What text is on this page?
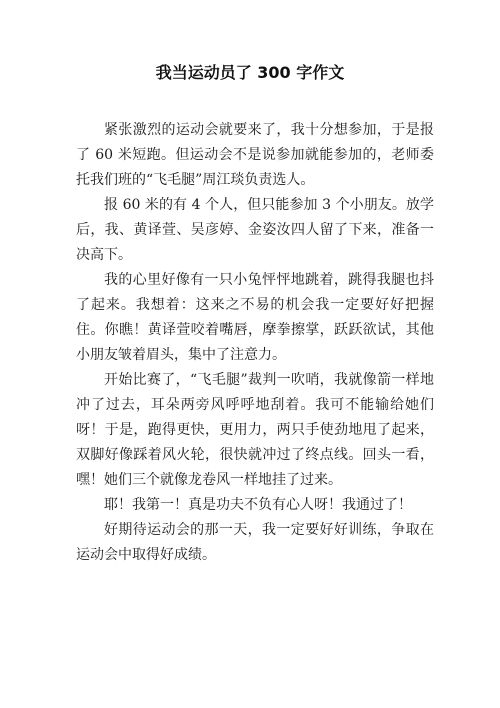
我当运动员了 300 字作文

紧张激烈的运动会就要来了，我十分想参加，于是报了 60 米短跑。但运动会不是说参加就能参加的，老师委托我们班的“飞毛腿”周江琰负责选人。

报 60 米的有 4 个人，但只能参加 3 个小朋友。放学后，我、黄译萱、吴彦婷、金姿汝四人留了下来，准备一决高下。

我的心里好像有一只小兔怦怦地跳着，跳得我腿也抖了起来。我想着：这来之不易的机会我一定要好好把握住。你瞧！黄译萱咬着嘴唇，摩拳擦掌，跃跃欲试，其他小朋友皱着眉头，集中了注意力。

开始比赛了，“飞毛腿”裁判一吹哨，我就像箭一样地冲了过去，耳朵两旁风呼呼地刮着。我可不能输给她们呀！于是，跑得更快，更用力，两只手使劲地甩了起来，双脚好像踩着风火轮，很快就冲过了终点线。回头一看，嘿！她们三个就像龙卷风一样地挂了过来。

耶！我第一！真是功夫不负有心人呀！我通过了！

好期待运动会的那一天，我一定要好好训练，争取在运动会中取得好成绩。
